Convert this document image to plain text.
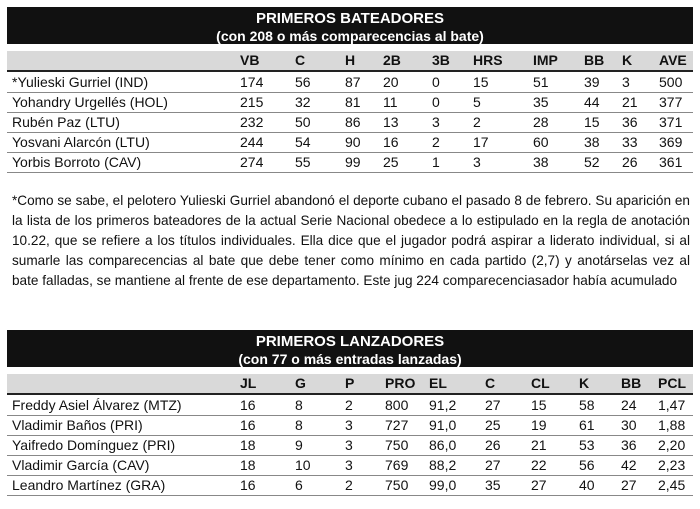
PRIMEROS BATEADORES
(con 208 o más comparecencias al bate)
VB	C	H 2B 3B HRS IMP BB K AVE
*Yulieski Gurriel (IND)	174 56 87 20 0 15	51	39 3 500
Yohandry Urgellés (HOL)	215 32 81 11 0 5	35	44 21 377
Rubén Paz (LTU)	232 50 86 13 3 2	28	15 36 371
Yosvani Alarcón (LTU)	244 54 90 16 2 17	60	38 33 369
Yorbis Borroto (CAV)	274 55 99 25 1 3	38	52 26 361
*Como se sabe, el pelotero Yulieski Gurriel abandonó el deporte cubano el pasado 8 de febrero. Su aparición en la lista de los primeros bateadores de la actual Serie Nacional obedece a lo estipulado en la regla de anotación 10.22, que se refiere a los títulos individuales. Ella dice que el jugador podrá aspirar a liderato individual, si al sumarle las comparecencias al bate que debe tener como mínimo en cada partido (2,7) y anotárselas vez al bate falladas, se mantiene al frente de ese departamento. Este jug 224 comparecenciasador había acumulado
PRIMEROS LANZADORES
(con 77 o más entradas lanzadas)
JL	G	P PRO EL	C	CL K BB PCL
Freddy Asiel Álvarez (MTZ)	16	8	2 800 91,2 27 15 58 24 1,47
Vladimir Baños (PRI)	16	8	3 727 91,0 25 19 61 30 1,88
Yaifredo Domínguez (PRI)	18	9	3 750 86,0 26 21 53 36 2,20
Vladimir García (CAV)	18	10 3 769 88,2 27 22 56 42 2,23
Leandro Martínez (GRA)	16	6	2 750 99,0 35 27 40 27 2,45
